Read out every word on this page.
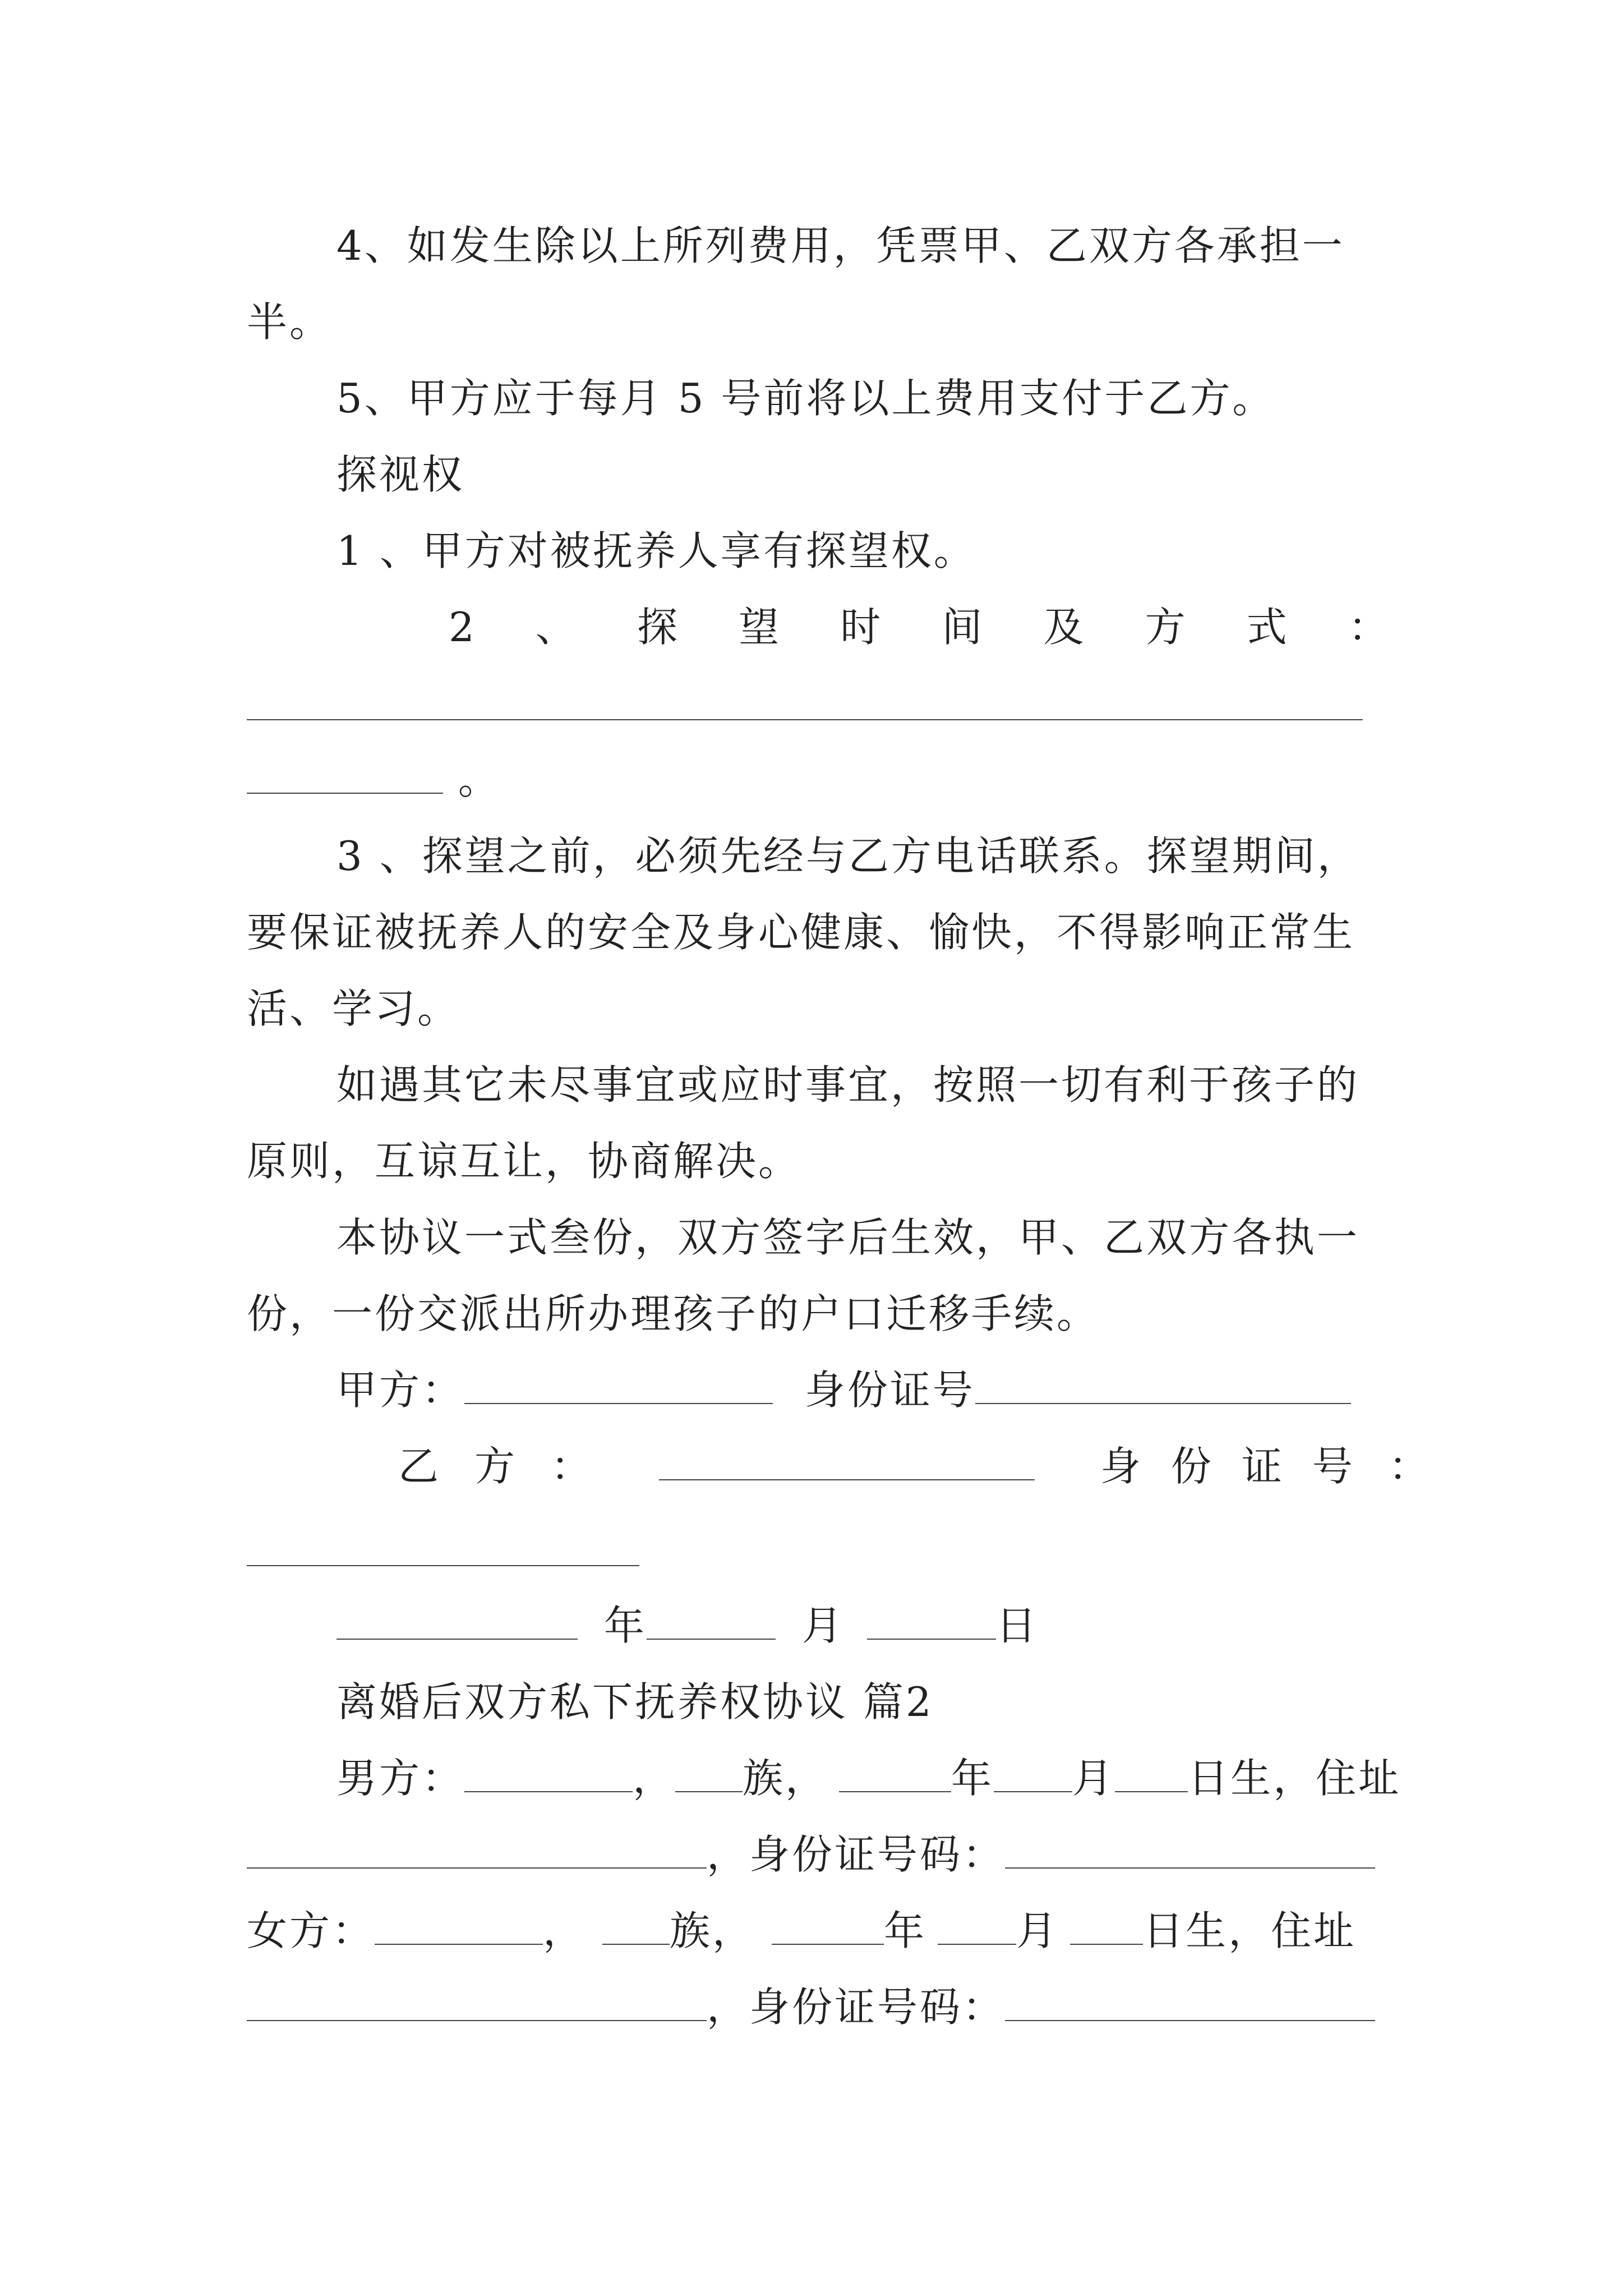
4、如发生除以上所列费用，凭票甲、乙双方各承担一
半。
5、甲方应于每月 5 号前将以上费用支付于乙方。
探视权
1 、甲方对被抚养人享有探望权。
2 、 探 望 时 间 及 方 式 ：
。
3 、探望之前，必须先经与乙方电话联系。探望期间，
要保证被抚养人的安全及身心健康、愉快，不得影响正常生
活、学习。
如遇其它未尽事宜或应时事宜，按照一切有利于孩子的
原则，互谅互让，协商解决。
本协议一式叁份，双方签字后生效，甲、乙双方各执一
份，一份交派出所办理孩子的户口迁移手续。
甲方：	身份证号
乙 方 ：	身 份 证 号 ：
年	月	日
离婚后双方私下抚养权协议 篇2
男方：	， 族，	年 月 日生，住址
，身份证号码：
女方：	， 族，	年 月 日生，住址
，身份证号码：
